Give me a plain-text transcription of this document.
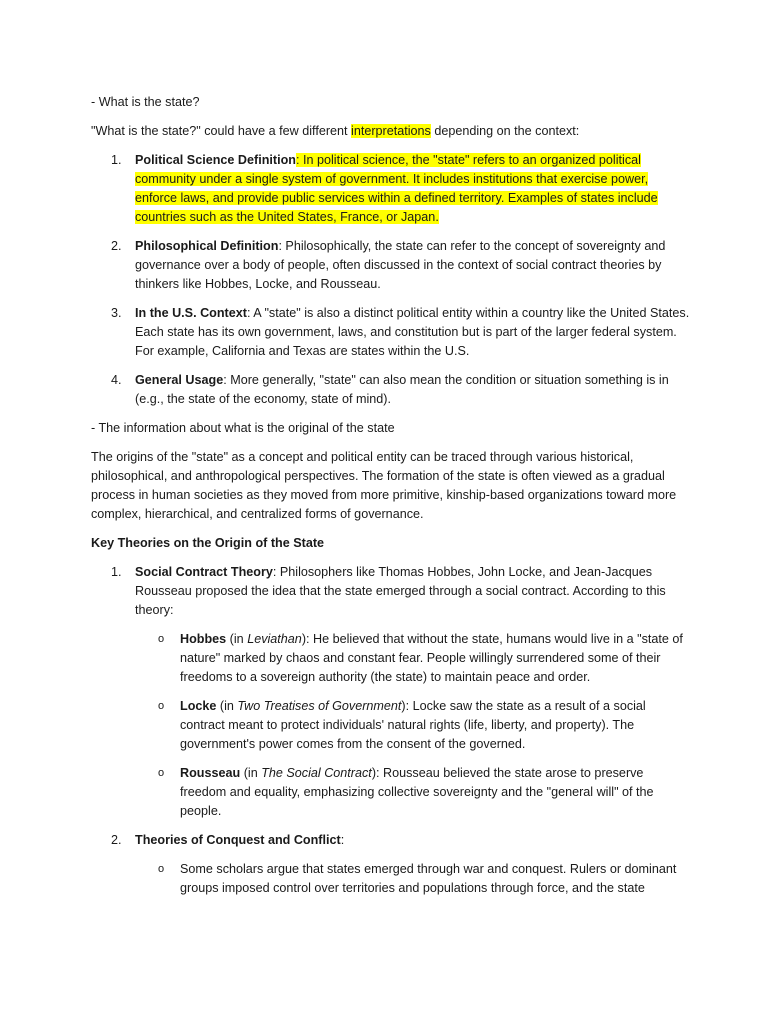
- What is the state?

"What is the state?" could have a few different interpretations depending on the context:

1. Political Science Definition: In political science, the "state" refers to an organized political community under a single system of government. It includes institutions that exercise power, enforce laws, and provide public services within a defined territory. Examples of states include countries such as the United States, France, or Japan.
2. Philosophical Definition: Philosophically, the state can refer to the concept of sovereignty and governance over a body of people, often discussed in the context of social contract theories by thinkers like Hobbes, Locke, and Rousseau.
3. In the U.S. Context: A "state" is also a distinct political entity within a country like the United States. Each state has its own government, laws, and constitution but is part of the larger federal system. For example, California and Texas are states within the U.S.
4. General Usage: More generally, "state" can also mean the condition or situation something is in (e.g., the state of the economy, state of mind).

- The information about what is the original of the state

The origins of the "state" as a concept and political entity can be traced through various historical, philosophical, and anthropological perspectives. The formation of the state is often viewed as a gradual process in human societies as they moved from more primitive, kinship-based organizations toward more complex, hierarchical, and centralized forms of governance.

Key Theories on the Origin of the State

1. Social Contract Theory: Philosophers like Thomas Hobbes, John Locke, and Jean-Jacques Rousseau proposed the idea that the state emerged through a social contract. According to this theory:
o Hobbes (in Leviathan): He believed that without the state, humans would live in a "state of nature" marked by chaos and constant fear. People willingly surrendered some of their freedoms to a sovereign authority (the state) to maintain peace and order.
o Locke (in Two Treatises of Government): Locke saw the state as a result of a social contract meant to protect individuals' natural rights (life, liberty, and property). The government's power comes from the consent of the governed.
o Rousseau (in The Social Contract): Rousseau believed the state arose to preserve freedom and equality, emphasizing collective sovereignty and the "general will" of the people.
2. Theories of Conquest and Conflict:
o Some scholars argue that states emerged through war and conquest. Rulers or dominant groups imposed control over territories and populations through force, and the state
